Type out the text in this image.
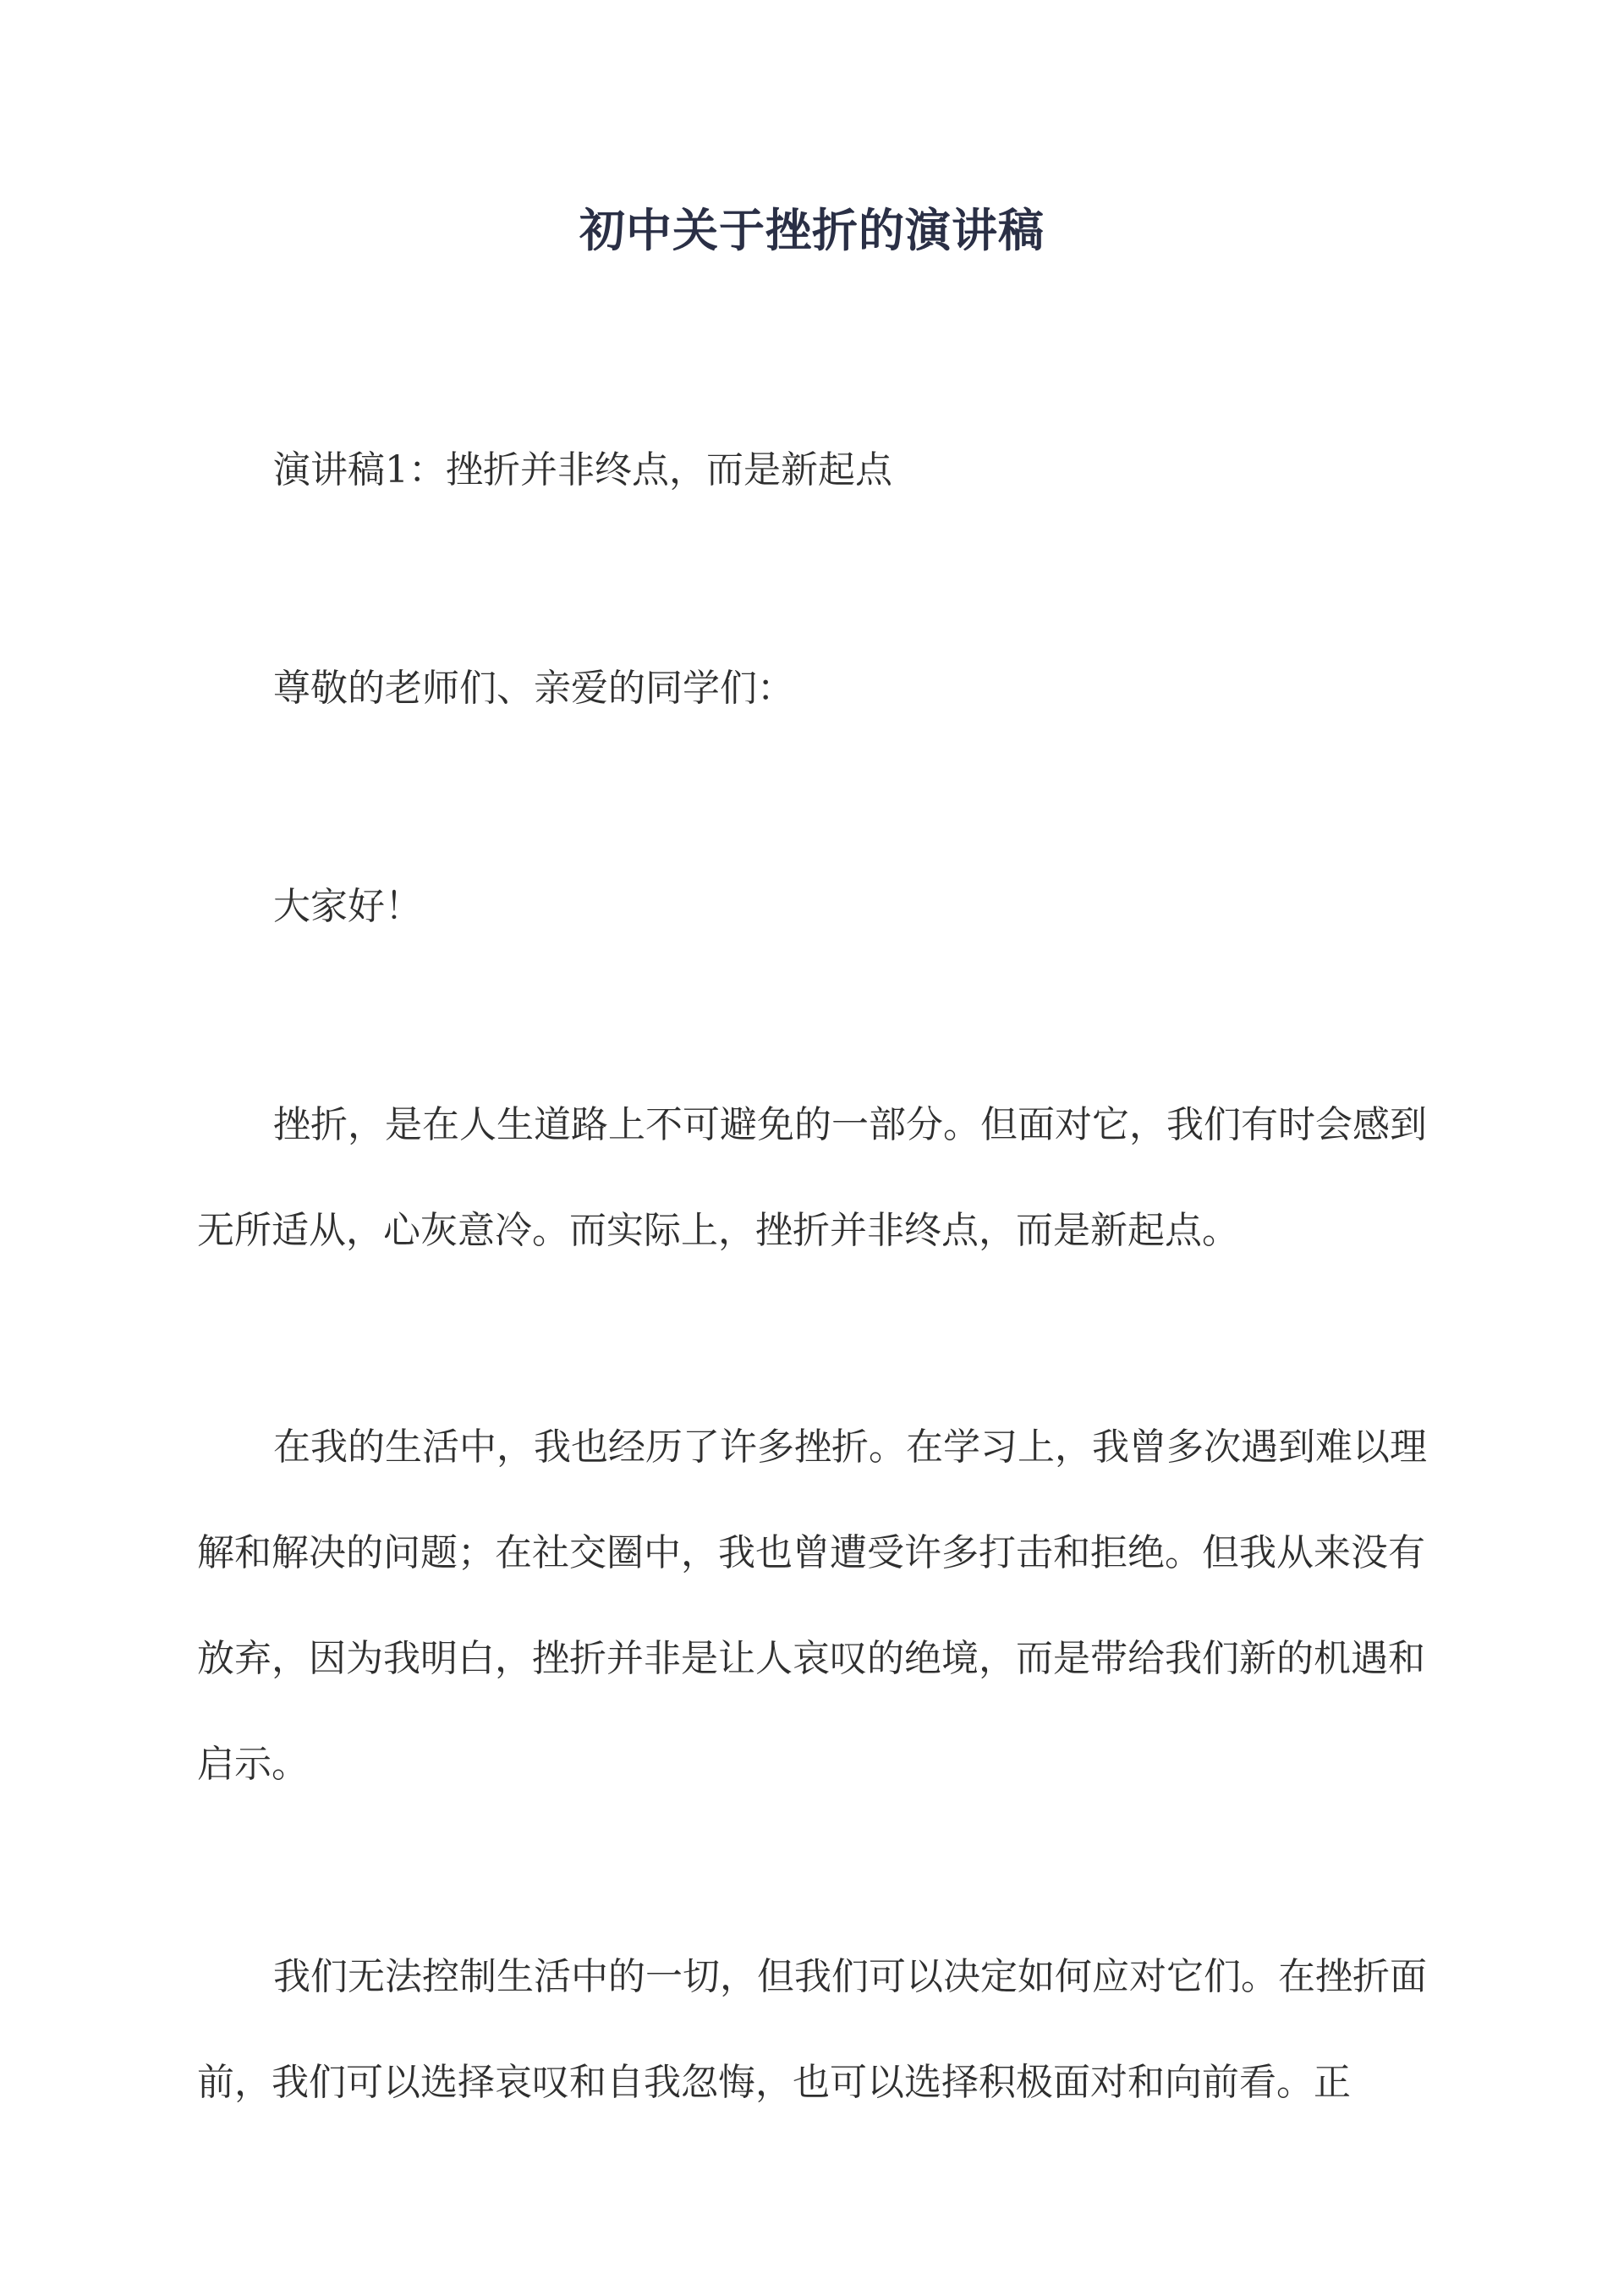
初中关于挫折的演讲稿

演讲稿1：挫折并非终点，而是新起点

尊敬的老师们、亲爱的同学们：

大家好！

挫折，是在人生道路上不可避免的一部分。但面对它，我们有时会感到无所适从，心灰意冷。而实际上，挫折并非终点，而是新起点。

在我的生活中，我也经历了许多挫折。在学习上，我曾多次遇到难以理解和解决的问题；在社交圈中，我也曾遭受许多打击和拒绝。但我从来没有放弃，因为我明白，挫折并非是让人哀叹的绝境，而是带给我们新的机遇和启示。

我们无法控制生活中的一切，但我们可以决定如何应对它们。在挫折面前，我们可以选择哀叹和自我忽悔，也可以选择积极面对和向前看。正
